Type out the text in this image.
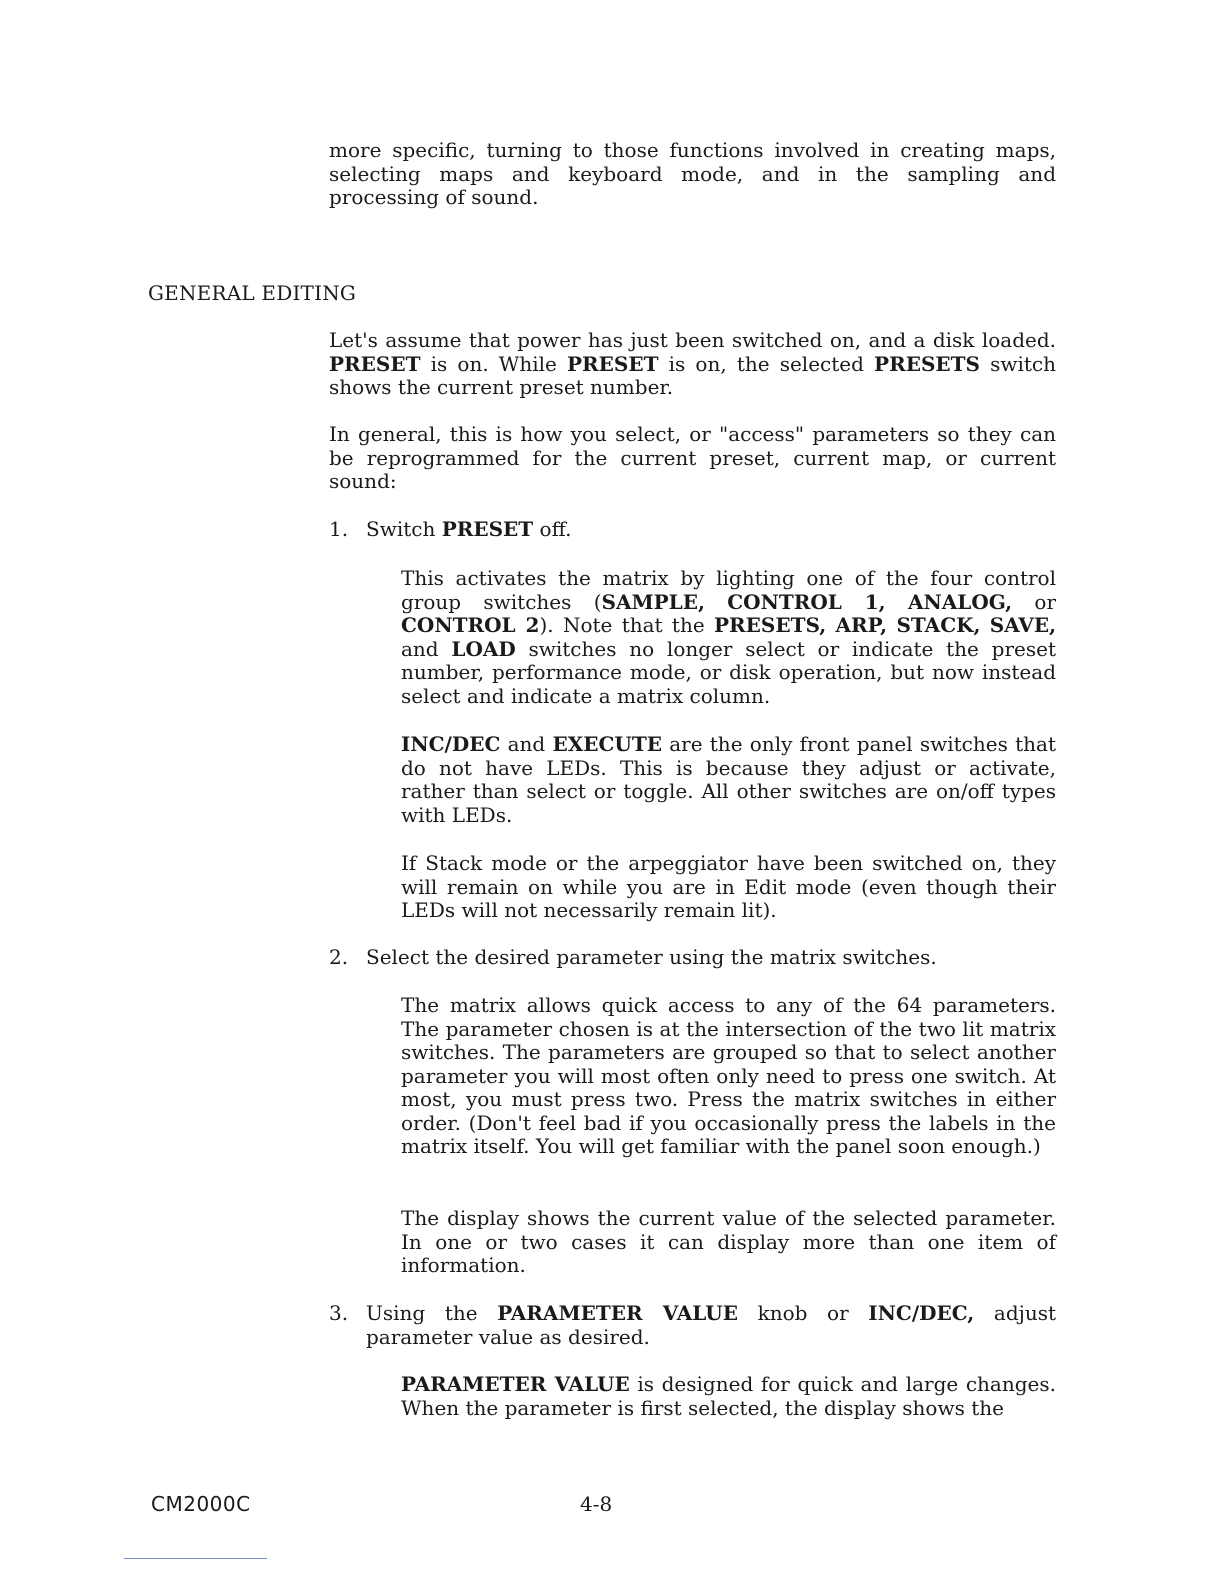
more specific, turning to those functions involved in creating maps, selecting maps and keyboard mode, and in the sampling and processing of sound.

GENERAL EDITING

Let's assume that power has just been switched on, and a disk loaded. PRESET is on. While PRESET is on, the selected PRESETS switch shows the current preset number.

In general, this is how you select, or "access" parameters so they can be reprogrammed for the current preset, current map, or current sound:

1. Switch PRESET off.

This activates the matrix by lighting one of the four control group switches (SAMPLE, CONTROL 1, ANALOG, or CONTROL 2). Note that the PRESETS, ARP, STACK, SAVE, and LOAD switches no longer select or indicate the preset number, performance mode, or disk operation, but now instead select and indicate a matrix column.

INC/DEC and EXECUTE are the only front panel switches that do not have LEDs. This is because they adjust or activate, rather than select or toggle. All other switches are on/off types with LEDs.

If Stack mode or the arpeggiator have been switched on, they will remain on while you are in Edit mode (even though their LEDs will not necessarily remain lit).

2. Select the desired parameter using the matrix switches.

The matrix allows quick access to any of the 64 parameters. The parameter chosen is at the intersection of the two lit matrix switches. The parameters are grouped so that to select another parameter you will most often only need to press one switch. At most, you must press two. Press the matrix switches in either order. (Don't feel bad if you occasionally press the labels in the matrix itself. You will get familiar with the panel soon enough.)

The display shows the current value of the selected parameter. In one or two cases it can display more than one item of information.

3. Using the PARAMETER VALUE knob or INC/DEC, adjust parameter value as desired.

PARAMETER VALUE is designed for quick and large changes. When the parameter is first selected, the display shows the

CM2000C	4-8
